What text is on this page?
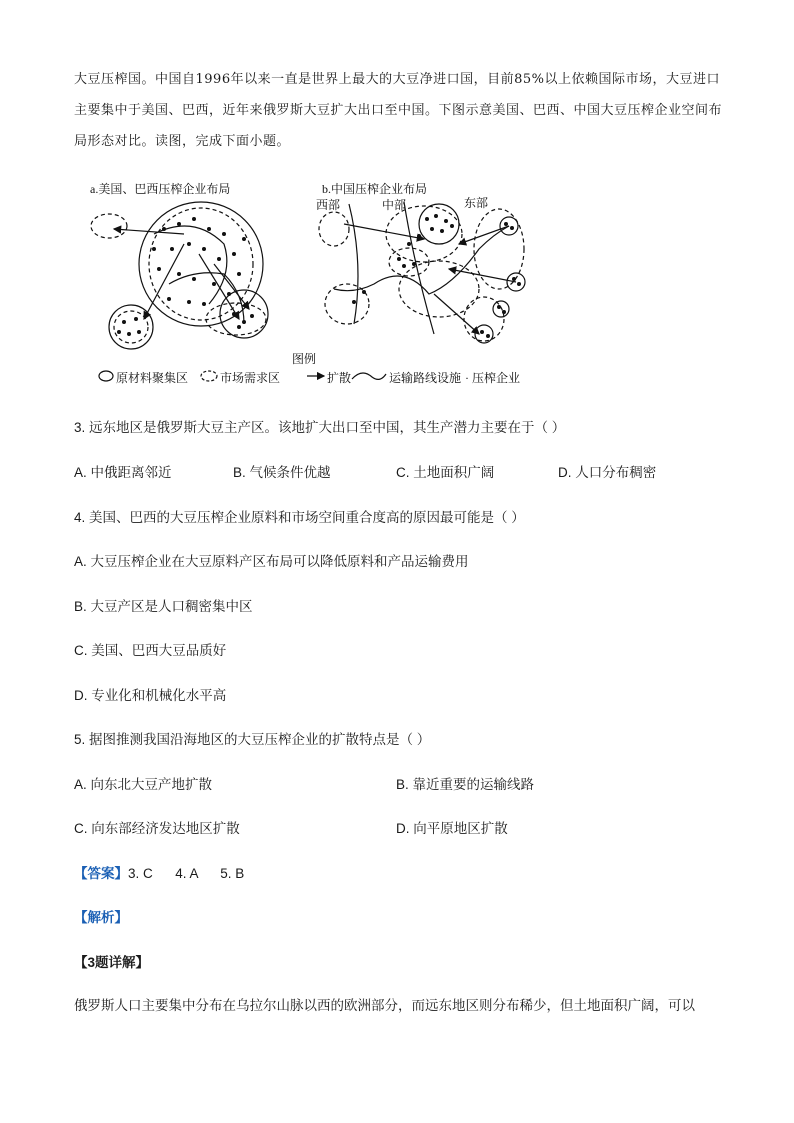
大豆压榨国。中国自1996年以来一直是世界上最大的大豆净进口国，目前85%以上依赖国际市场，大豆进口主要集中于美国、巴西，近年来俄罗斯大豆扩大出口至中国。下图示意美国、巴西、中国大豆压榨企业空间布局形态对比。读图，完成下面小题。
a.美国、巴西压榨企业布局	b.中国压榨企业布局
西部	中部	东部
图例
原材料聚集区	市场需求区	扩散	运输路线设施 · 压榨企业
3. 远东地区是俄罗斯大豆主产区。该地扩大出口至中国，其生产潜力主要在于（ ）
A. 中俄距离邻近	B. 气候条件优越	C. 土地面积广阔	D. 人口分布稠密
4. 美国、巴西的大豆压榨企业原料和市场空间重合度高的原因最可能是（ ）
A. 大豆压榨企业在大豆原料产区布局可以降低原料和产品运输费用
B. 大豆产区是人口稠密集中区
C. 美国、巴西大豆品质好
D. 专业化和机械化水平高
5. 据图推测我国沿海地区的大豆压榨企业的扩散特点是（ ）
A. 向东北大豆产地扩散	B. 靠近重要的运输线路
C. 向东部经济发达地区扩散	D. 向平原地区扩散
【答案】3. C      4. A      5. B
【解析】
【3题详解】
俄罗斯人口主要集中分布在乌拉尔山脉以西的欧洲部分，而远东地区则分布稀少，但土地面积广阔，可以
